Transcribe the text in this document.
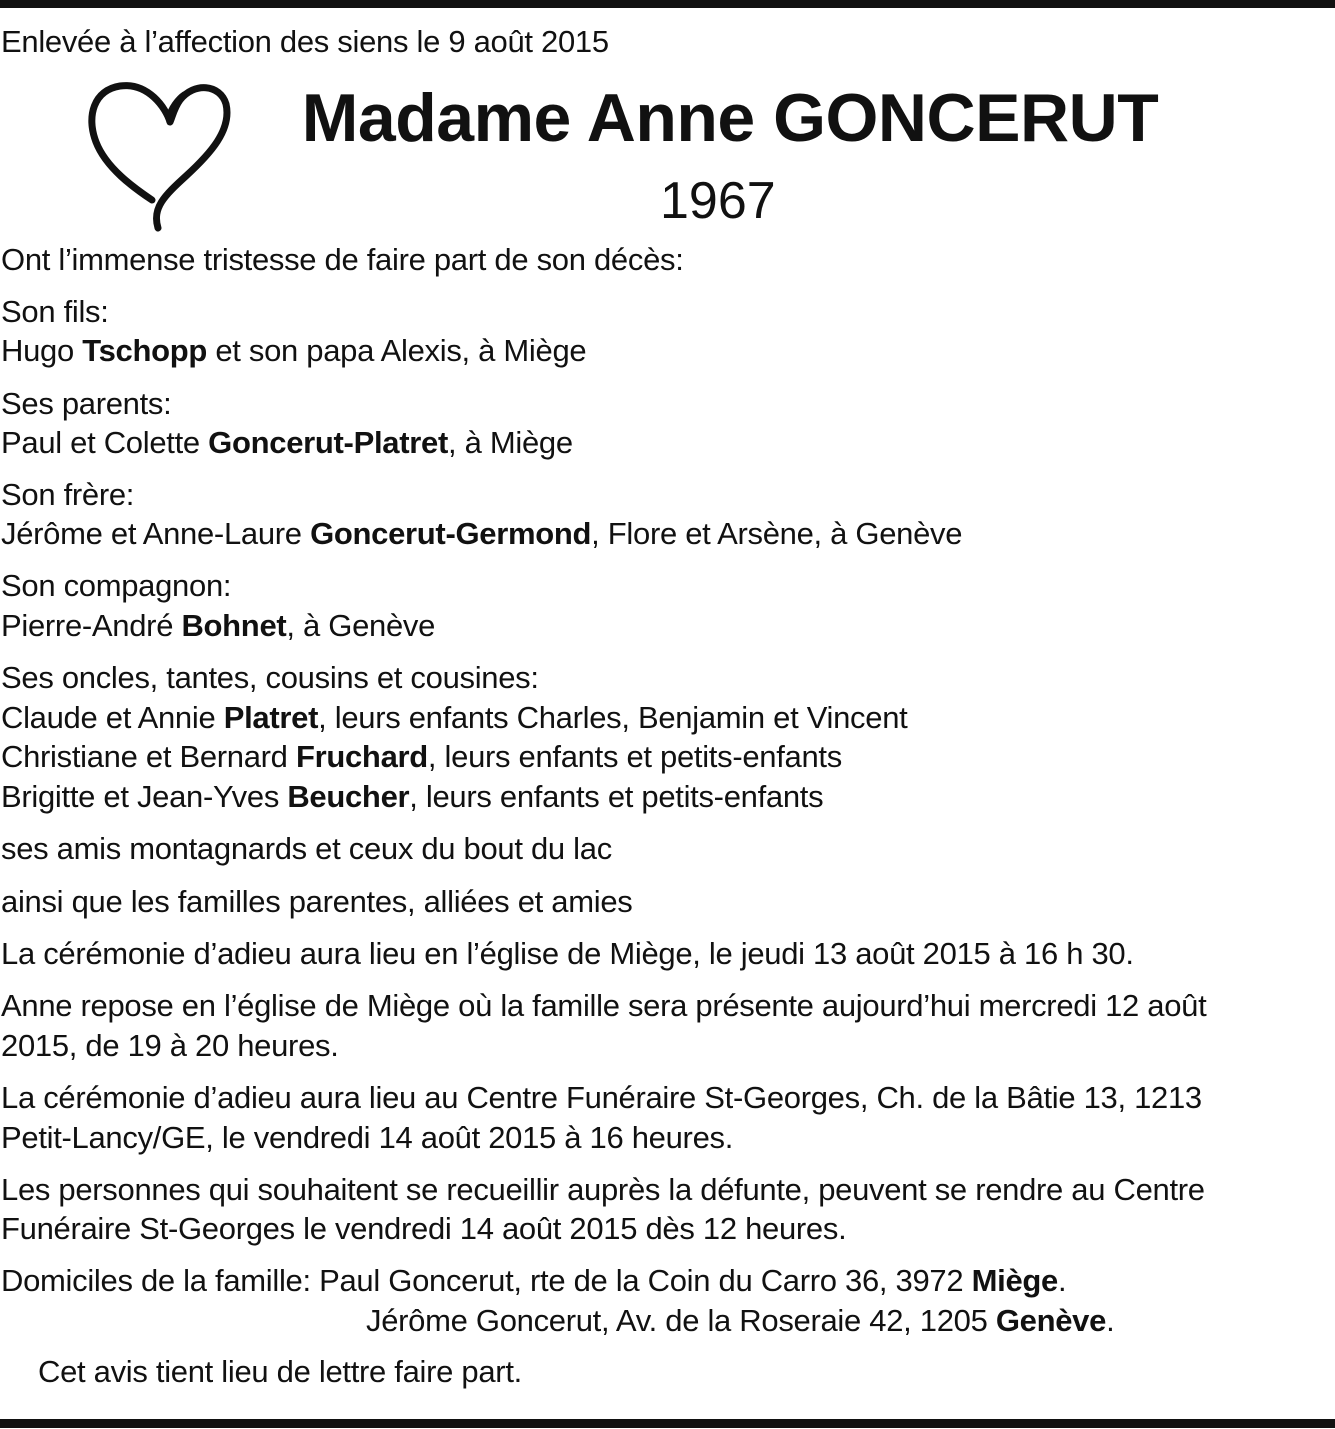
Enlevée à l’affection des siens le 9 août 2015

Madame Anne GONCERUT
1967

Ont l’immense tristesse de faire part de son décès:

Son fils:

Hugo Tschopp et son papa Alexis, à Miège

Ses parents:

Paul et Colette Goncerut-Platret, à Miège

Son frère:

Jérôme et Anne-Laure Goncerut-Germond, Flore et Arsène, à Genève

Son compagnon:

Pierre-André Bohnet, à Genève

Ses oncles, tantes, cousins et cousines:

Claude et Annie Platret, leurs enfants Charles, Benjamin et Vincent

Christiane et Bernard Fruchard, leurs enfants et petits-enfants

Brigitte et Jean-Yves Beucher, leurs enfants et petits-enfants

ses amis montagnards et ceux du bout du lac

ainsi que les familles parentes, alliées et amies

La cérémonie d’adieu aura lieu en l’église de Miège, le jeudi 13 août 2015 à 16 h 30.

Anne repose en l’église de Miège où la famille sera présente aujourd’hui mercredi 12 août

2015, de 19 à 20 heures.

La cérémonie d’adieu aura lieu au Centre Funéraire St-Georges, Ch. de la Bâtie 13, 1213

Petit-Lancy/GE, le vendredi 14 août 2015 à 16 heures.

Les personnes qui souhaitent se recueillir auprès la défunte, peuvent se rendre au Centre

Funéraire St-Georges le vendredi 14 août 2015 dès 12 heures.

Domiciles de la famille: Paul Goncerut, rte de la Coin du Carro 36, 3972 Miège.

Jérôme Goncerut, Av. de la Roseraie 42, 1205 Genève.

Cet avis tient lieu de lettre faire part.
